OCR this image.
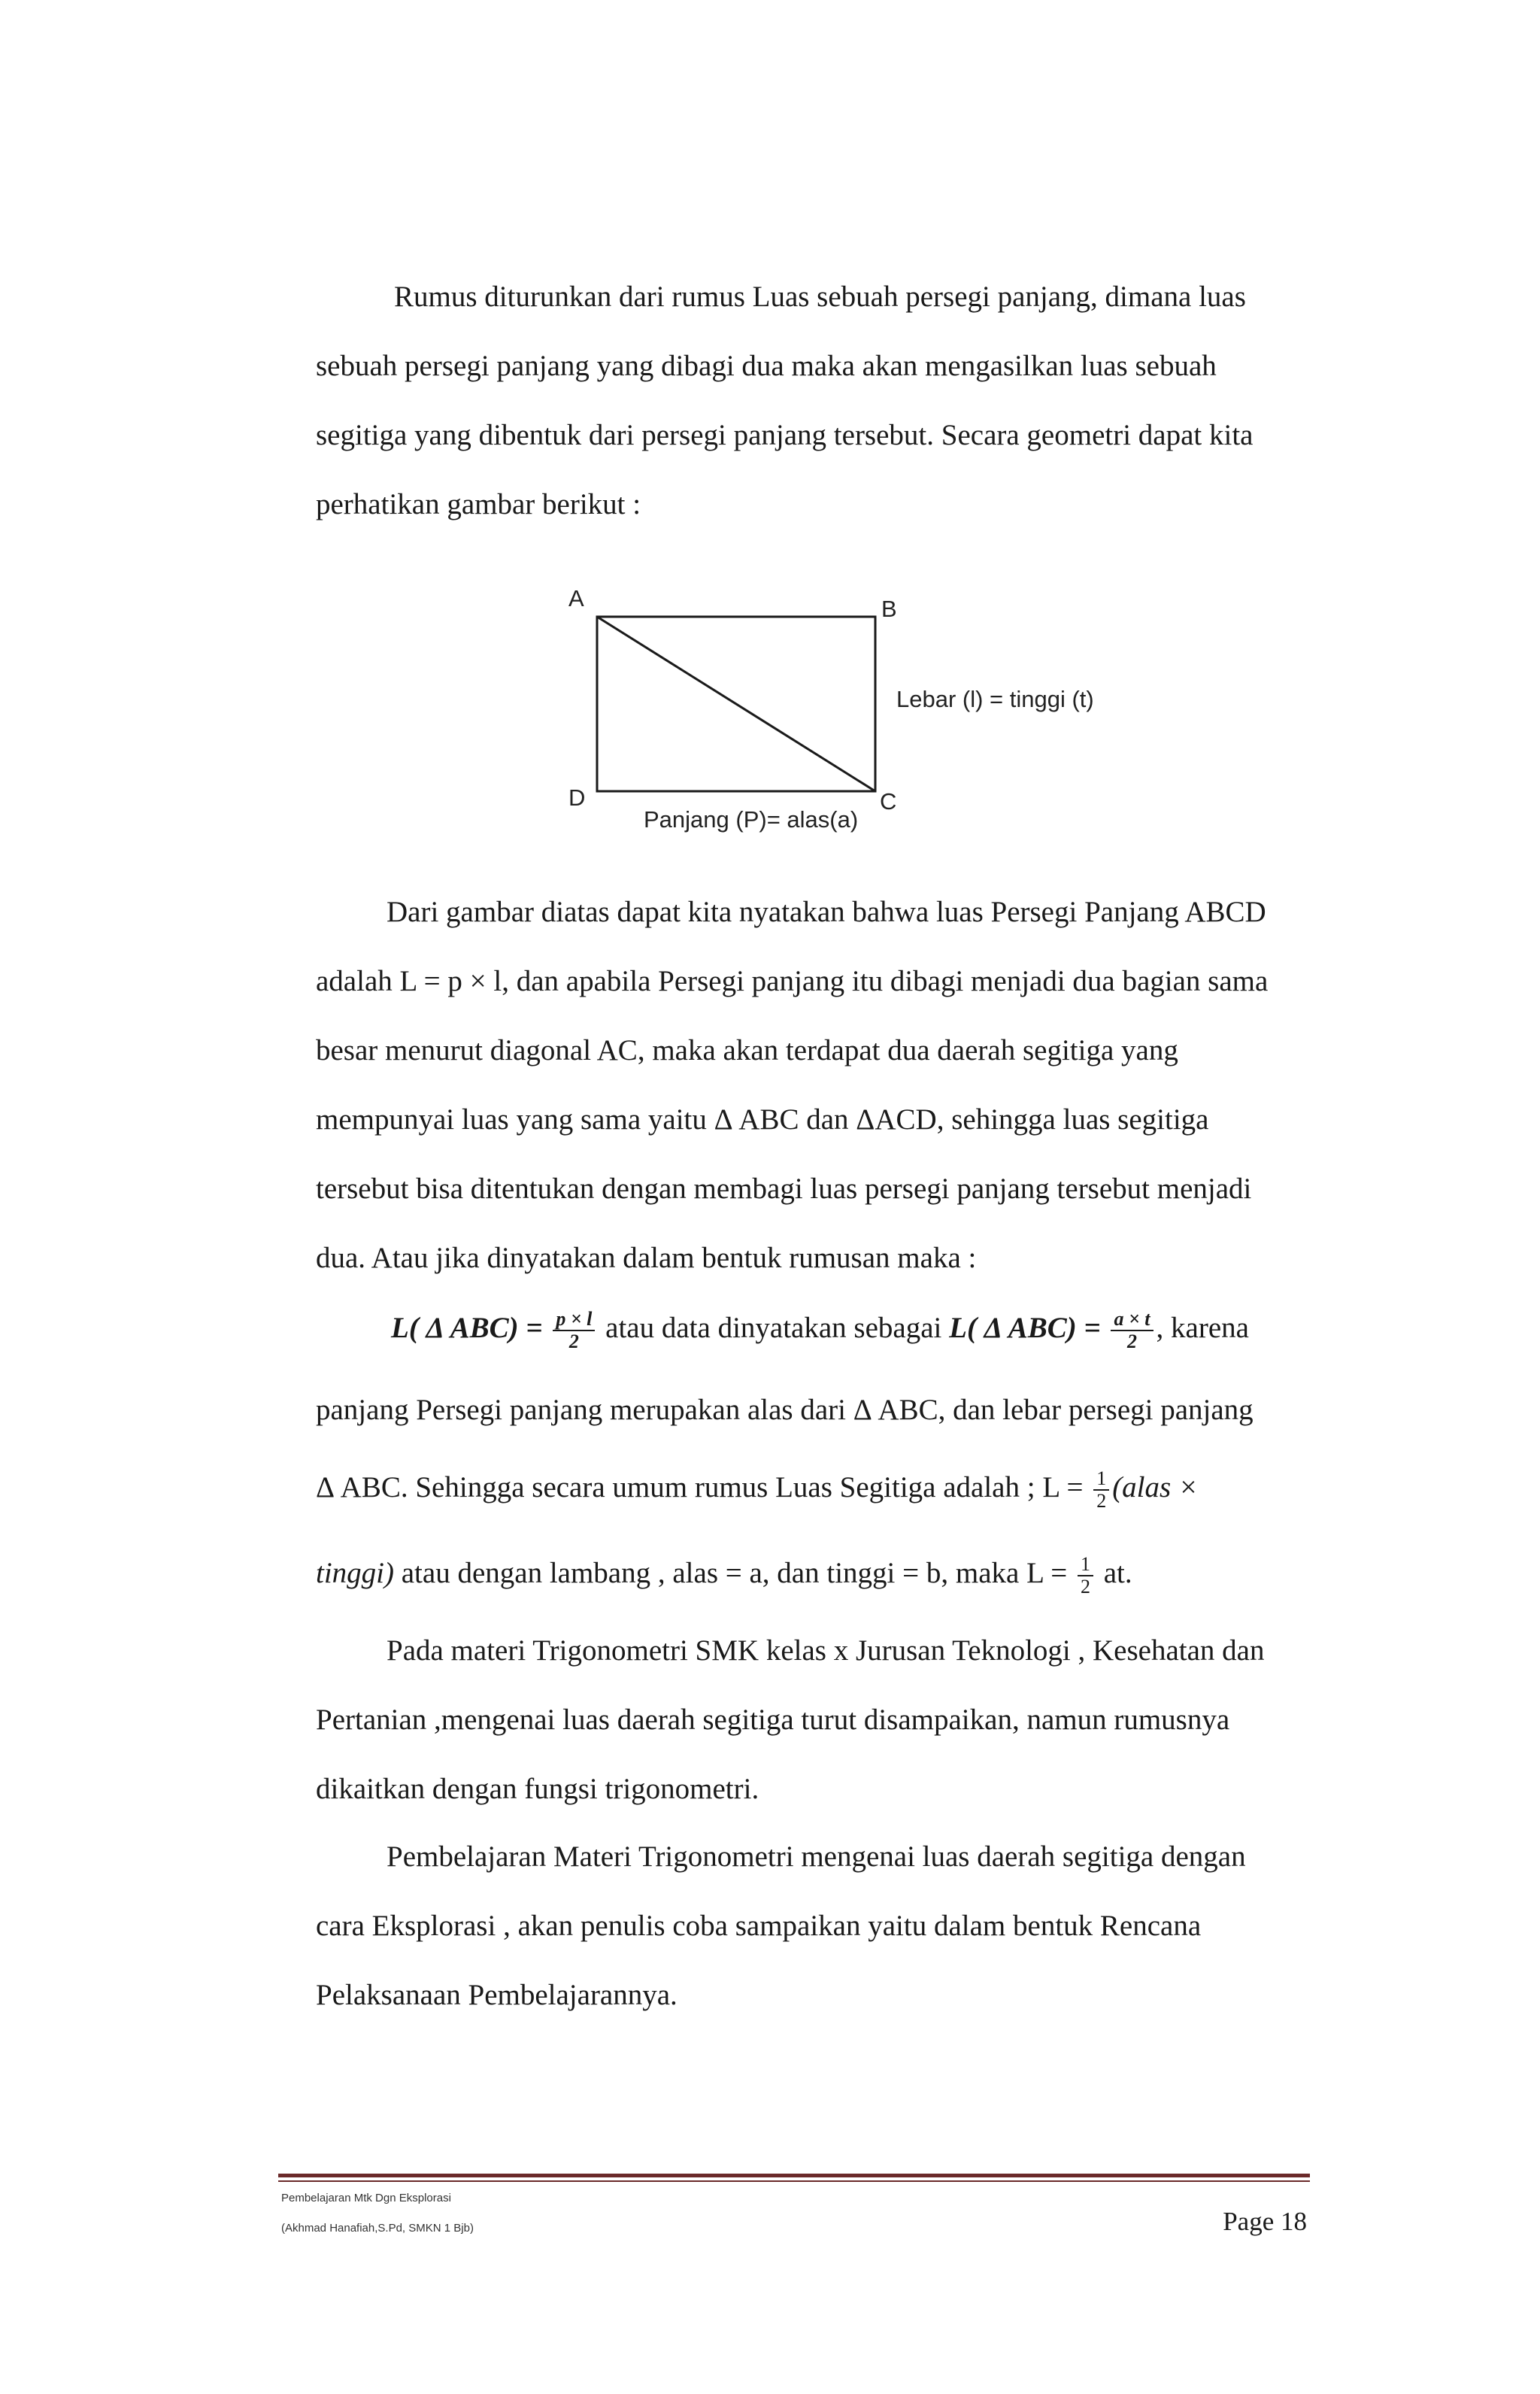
Rumus diturunkan dari rumus Luas sebuah persegi panjang, dimana luas
sebuah persegi panjang yang dibagi dua maka akan mengasilkan luas sebuah
segitiga yang dibentuk dari persegi panjang tersebut. Secara geometri dapat kita
perhatikan gambar berikut :
A	B
C
D
Lebar (l) = tinggi (t)
Panjang (P)= alas(a)
Dari gambar diatas dapat kita nyatakan bahwa luas Persegi Panjang ABCD
adalah L = p × l, dan apabila Persegi panjang itu dibagi menjadi dua bagian sama
besar menurut diagonal AC, maka akan terdapat dua daerah segitiga yang
mempunyai luas yang sama yaitu Δ ABC dan ΔACD, sehingga luas segitiga
tersebut bisa ditentukan dengan membagi luas persegi panjang tersebut menjadi
dua. Atau jika dinyatakan dalam bentuk rumusan maka :
L( Δ $ABC) = \frac{p \times l}{2}$ atau data dinyatakan sebagai L( Δ $ABC) = \frac{a \times t}{2}$ , karena
panjang Persegi panjang merupakan alas dari Δ ABC, dan lebar persegi panjang
Δ ABC. Sehingga secara umum rumus Luas Segitiga adalah ; $L = \frac{1}{2}$ (alas ×
tinggi) atau dengan lambang , alas = a, dan tinggi = b, maka $L = \frac{1}{2}$ at.
Pada materi Trigonometri SMK kelas x Jurusan Teknologi , Kesehatan dan
Pertanian ,mengenai luas daerah segitiga turut disampaikan, namun rumusnya
dikaitkan dengan fungsi trigonometri.
Pembelajaran Materi Trigonometri mengenai luas daerah segitiga dengan
cara Eksplorasi , akan penulis coba sampaikan yaitu dalam bentuk Rencana
Pelaksanaan Pembelajarannya.
Pembelajaran Mtk Dgn Eksplorasi
(Akhmad Hanafiah,S.Pd, SMKN 1 Bjb)	Page 18
